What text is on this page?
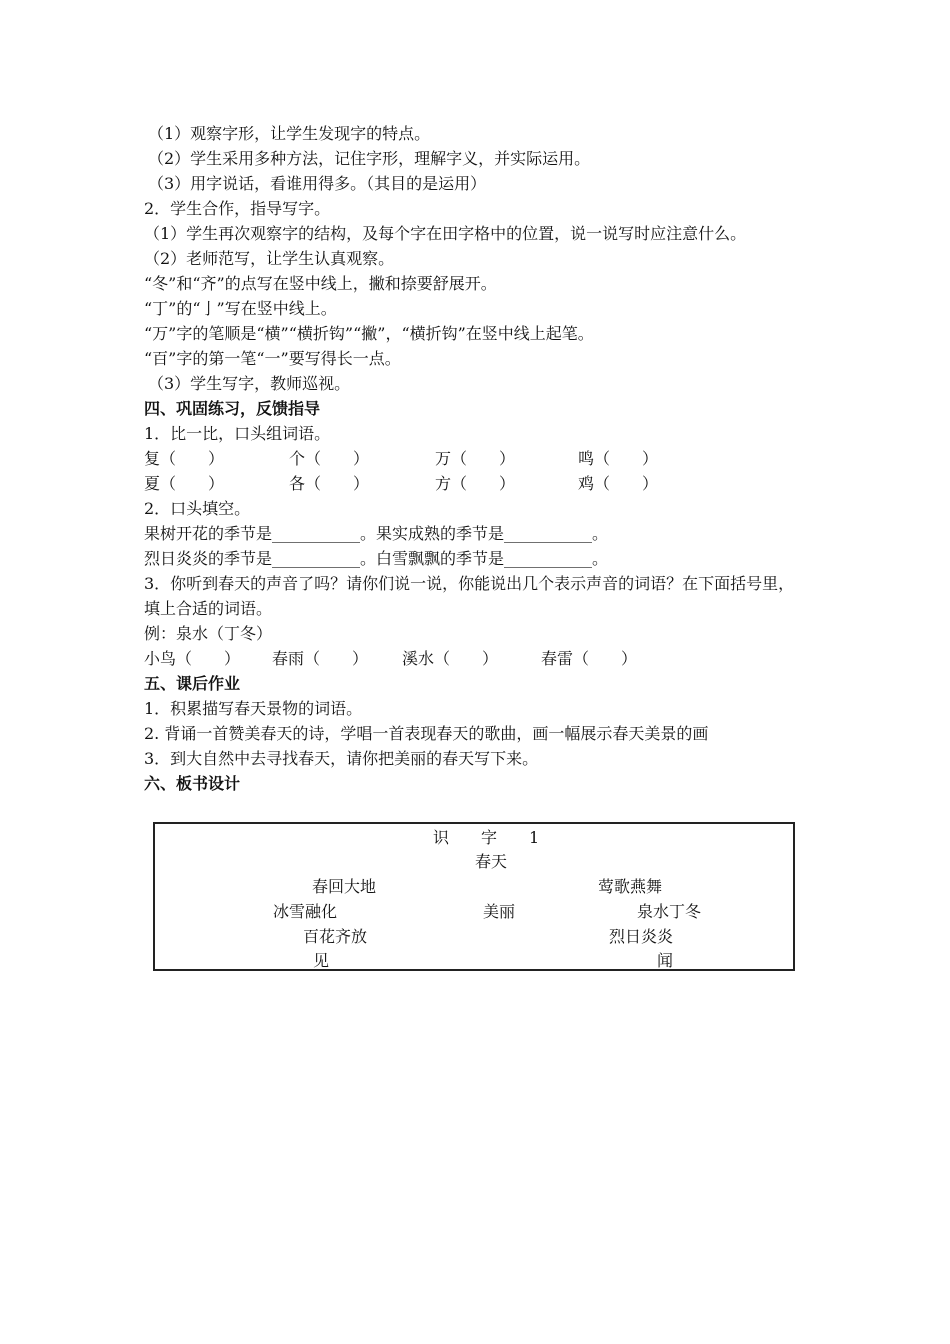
（1）观察字形，让学生发现字的特点。
（2）学生采用多种方法，记住字形，理解字义，并实际运用。
（3）用字说话，看谁用得多。（其目的是运用）
2．学生合作，指导写字。
（1）学生再次观察字的结构，及每个字在田字格中的位置，说一说写时应注意什么。
（2）老师范写，让学生认真观察。
“冬”和“齐”的点写在竖中线上，撇和捺要舒展开。
“丁”的“亅”写在竖中线上。
“万”字的笔顺是“横”“横折钩”“撇”，“横折钩”在竖中线上起笔。
“百”字的第一笔“一”要写得长一点。
（3）学生写字，教师巡视。
四、巩固练习，反馈指导
1．比一比，口头组词语。
复（　　）	个（　　）	万（　　）	鸣（　　）
夏（　　）	各（　　）	方（　　）	鸡（　　）
2．口头填空。
果树开花的季节是___________。果实成熟的季节是___________。
烈日炎炎的季节是___________。白雪飘飘的季节是___________。
3．你听到春天的声音了吗？请你们说一说，你能说出几个表示声音的词语？在下面括号里，填上合适的词语。
例：泉水（丁冬）
小鸟（　　）	春雨（　　）	溪水（　　）	春雷（　　）
五、课后作业
1．积累描写春天景物的词语。
2. 背诵一首赞美春天的诗，学唱一首表现春天的歌曲，画一幅展示春天美景的画
3．到大自然中去寻找春天，请你把美丽的春天写下来。
六、板书设计
识　　字　　1
春天
春回大地	莺歌燕舞
冰雪融化	美丽	泉水丁冬
百花齐放	烈日炎炎
见	闻
